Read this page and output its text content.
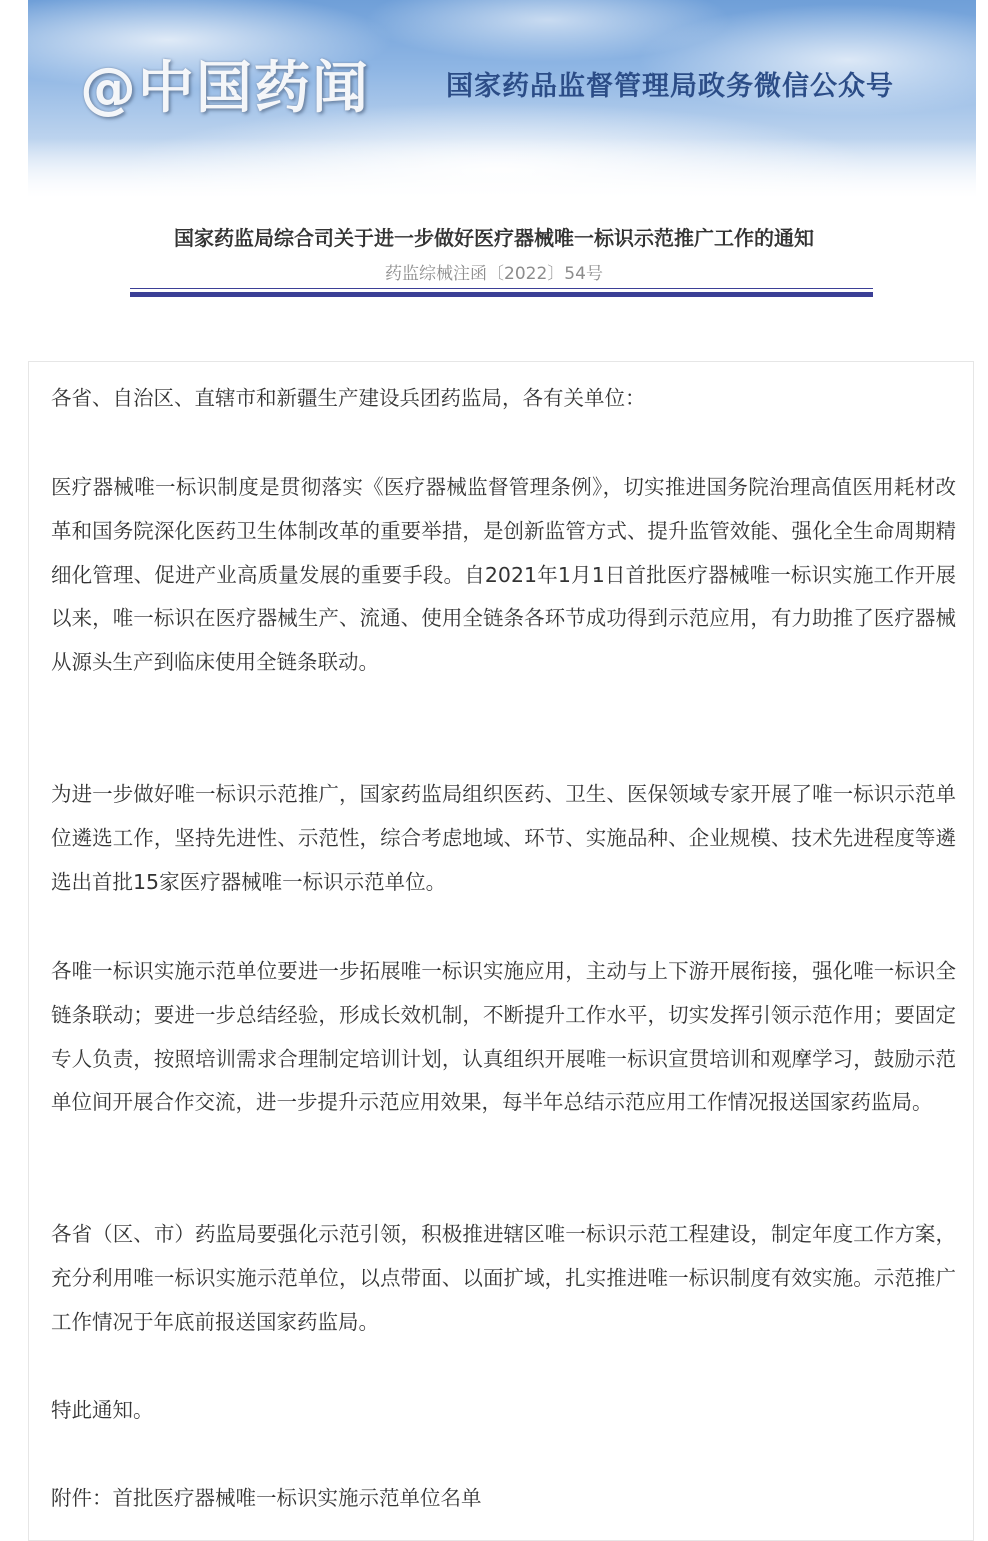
@中国药闻	国家药品监督管理局政务微信公众号
国家药监局综合司关于进一步做好医疗器械唯一标识示范推广工作的通知
药监综械注函〔2022〕54号

各省、自治区、直辖市和新疆生产建设兵团药监局，各有关单位：

医疗器械唯一标识制度是贯彻落实《医疗器械监督管理条例》，切实推进国务院治理高值医用耗材改革和国务院深化医药卫生体制改革的重要举措，是创新监管方式、提升监管效能、强化全生命周期精细化管理、促进产业高质量发展的重要手段。自2021年1月1日首批医疗器械唯一标识实施工作开展以来，唯一标识在医疗器械生产、流通、使用全链条各环节成功得到示范应用，有力助推了医疗器械从源头生产到临床使用全链条联动。

为进一步做好唯一标识示范推广，国家药监局组织医药、卫生、医保领域专家开展了唯一标识示范单位遴选工作，坚持先进性、示范性，综合考虑地域、环节、实施品种、企业规模、技术先进程度等遴选出首批15家医疗器械唯一标识示范单位。

各唯一标识实施示范单位要进一步拓展唯一标识实施应用，主动与上下游开展衔接，强化唯一标识全链条联动；要进一步总结经验，形成长效机制，不断提升工作水平，切实发挥引领示范作用；要固定专人负责，按照培训需求合理制定培训计划，认真组织开展唯一标识宣贯培训和观摩学习，鼓励示范单位间开展合作交流，进一步提升示范应用效果，每半年总结示范应用工作情况报送国家药监局。

各省（区、市）药监局要强化示范引领，积极推进辖区唯一标识示范工程建设，制定年度工作方案，充分利用唯一标识实施示范单位，以点带面、以面扩域，扎实推进唯一标识制度有效实施。示范推广工作情况于年底前报送国家药监局。

特此通知。

附件：首批医疗器械唯一标识实施示范单位名单
